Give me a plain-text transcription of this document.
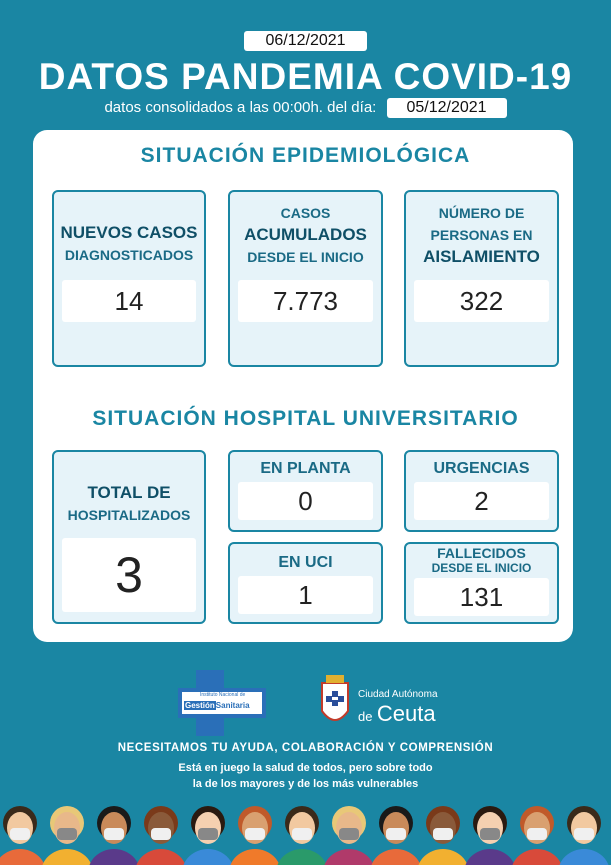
06/12/2021
DATOS PANDEMIA COVID-19
datos consolidados a las 00:00h. del día: 05/12/2021
SITUACIÓN EPIDEMIOLÓGICA
NUEVOS CASOS
DIAGNOSTICADOS
14
CASOS
ACUMULADOS
DESDE EL INICIO
7.773
NÚMERO DE
PERSONAS EN
AISLAMIENTO
322
SITUACIÓN HOSPITAL UNIVERSITARIO
TOTAL DE
HOSPITALIZADOS
3
EN PLANTA
0
URGENCIAS
2
EN UCI
1
FALLECIDOS
DESDE EL INICIO
131
Instituto Nacional de
GestiónSanitaria
Ciudad Autónoma
de Ceuta
NECESITAMOS TU AYUDA, COLABORACIÓN Y COMPRENSIÓN
Está en juego la salud de todos, pero sobre todo
la de los mayores y de los más vulnerables
